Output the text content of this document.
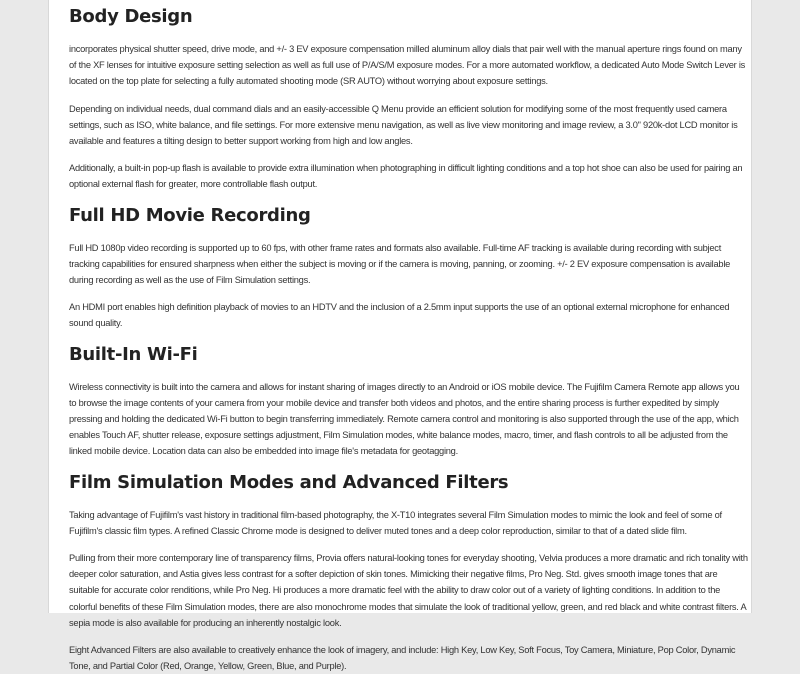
Body Design

incorporates physical shutter speed, drive mode, and +/- 3 EV exposure compensation milled aluminum alloy dials that pair well with the manual aperture rings found on many of the XF lenses for intuitive exposure setting selection as well as full use of P/A/S/M exposure modes. For a more automated workflow, a dedicated Auto Mode Switch Lever is located on the top plate for selecting a fully automated shooting mode (SR AUTO) without worrying about exposure settings.

Depending on individual needs, dual command dials and an easily-accessible Q Menu provide an efficient solution for modifying some of the most frequently used camera settings, such as ISO, white balance, and file settings. For more extensive menu navigation, as well as live view monitoring and image review, a 3.0" 920k-dot LCD monitor is available and features a tilting design to better support working from high and low angles.

Additionally, a built-in pop-up flash is available to provide extra illumination when photographing in difficult lighting conditions and a top hot shoe can also be used for pairing an optional external flash for greater, more controllable flash output.

Full HD Movie Recording

Full HD 1080p video recording is supported up to 60 fps, with other frame rates and formats also available. Full-time AF tracking is available during recording with subject tracking capabilities for ensured sharpness when either the subject is moving or if the camera is moving, panning, or zooming. +/- 2 EV exposure compensation is available during recording as well as the use of Film Simulation settings.

An HDMI port enables high definition playback of movies to an HDTV and the inclusion of a 2.5mm input supports the use of an optional external microphone for enhanced sound quality.

Built-In Wi-Fi

Wireless connectivity is built into the camera and allows for instant sharing of images directly to an Android or iOS mobile device. The Fujifilm Camera Remote app allows you to browse the image contents of your camera from your mobile device and transfer both videos and photos, and the entire sharing process is further expedited by simply pressing and holding the dedicated Wi-Fi button to begin transferring immediately. Remote camera control and monitoring is also supported through the use of the app, which enables Touch AF, shutter release, exposure settings adjustment, Film Simulation modes, white balance modes, macro, timer, and flash controls to all be adjusted from the linked mobile device. Location data can also be embedded into image file's metadata for geotagging.

Film Simulation Modes and Advanced Filters

Taking advantage of Fujifilm's vast history in traditional film-based photography, the X-T10 integrates several Film Simulation modes to mimic the look and feel of some of Fujifilm's classic film types. A refined Classic Chrome mode is designed to deliver muted tones and a deep color reproduction, similar to that of a dated slide film.

Pulling from their more contemporary line of transparency films, Provia offers natural-looking tones for everyday shooting, Velvia produces a more dramatic and rich tonality with deeper color saturation, and Astia gives less contrast for a softer depiction of skin tones. Mimicking their negative films, Pro Neg. Std. gives smooth image tones that are suitable for accurate color renditions, while Pro Neg. Hi produces a more dramatic feel with the ability to draw color out of a variety of lighting conditions. In addition to the colorful benefits of these Film Simulation modes, there are also monochrome modes that simulate the look of traditional yellow, green, and red black and white contrast filters. A sepia mode is also available for producing an inherently nostalgic look.

Eight Advanced Filters are also available to creatively enhance the look of imagery, and include: High Key, Low Key, Soft Focus, Toy Camera, Miniature, Pop Color, Dynamic Tone, and Partial Color (Red, Orange, Yellow, Green, Blue, and Purple).
